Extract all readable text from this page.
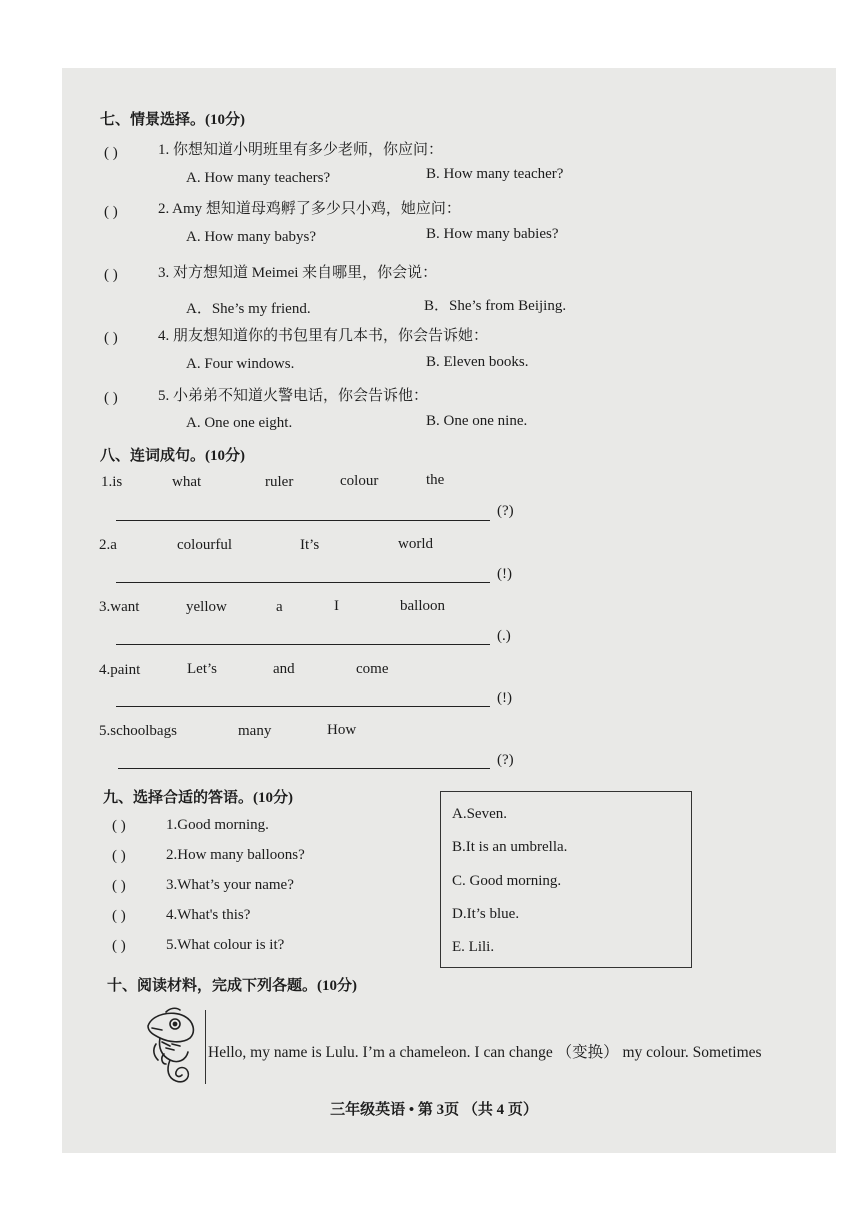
七、情景选择。(10分)
( )	1. 你想知道小明班里有多少老师，你应问：
A. How many teachers?	B. How many teacher?
( )	2. Amy 想知道母鸡孵了多少只小鸡，她应问：
A. How many babys?	B. How many babies?
( )	3. 对方想知道 Meimei 来自哪里，你会说：
A．She’s my friend.	B．She’s from Beijing.
( )	4. 朋友想知道你的书包里有几本书，你会告诉她：
A. Four windows.	B. Eleven books.
( )	5. 小弟弟不知道火警电话，你会告诉他：
A. One one eight.	B. One one nine.
八、连词成句。(10分)
1.is	what	ruler	colour	the
(?)
2.a	colourful	It’s	world
(!)
3.want	yellow	a	I	balloon
(.)
4.paint	Let’s	and	come
(!)
5.schoolbags	many	How
(?)
九、选择合适的答语。(10分)
( )	1.Good morning.
( )	2.How many balloons?
( )	3.What’s your name?
( )	4.What's this?
( )	5.What colour is it?
A.Seven.
B.It is an umbrella.
C. Good morning.
D.It’s blue.
E. Lili.
十、阅读材料，完成下列各题。(10分)
Hello, my name is Lulu. I’m a chameleon. I can change （变换） my colour. Sometimes
三年级英语 • 第 3页 （共 4 页）
